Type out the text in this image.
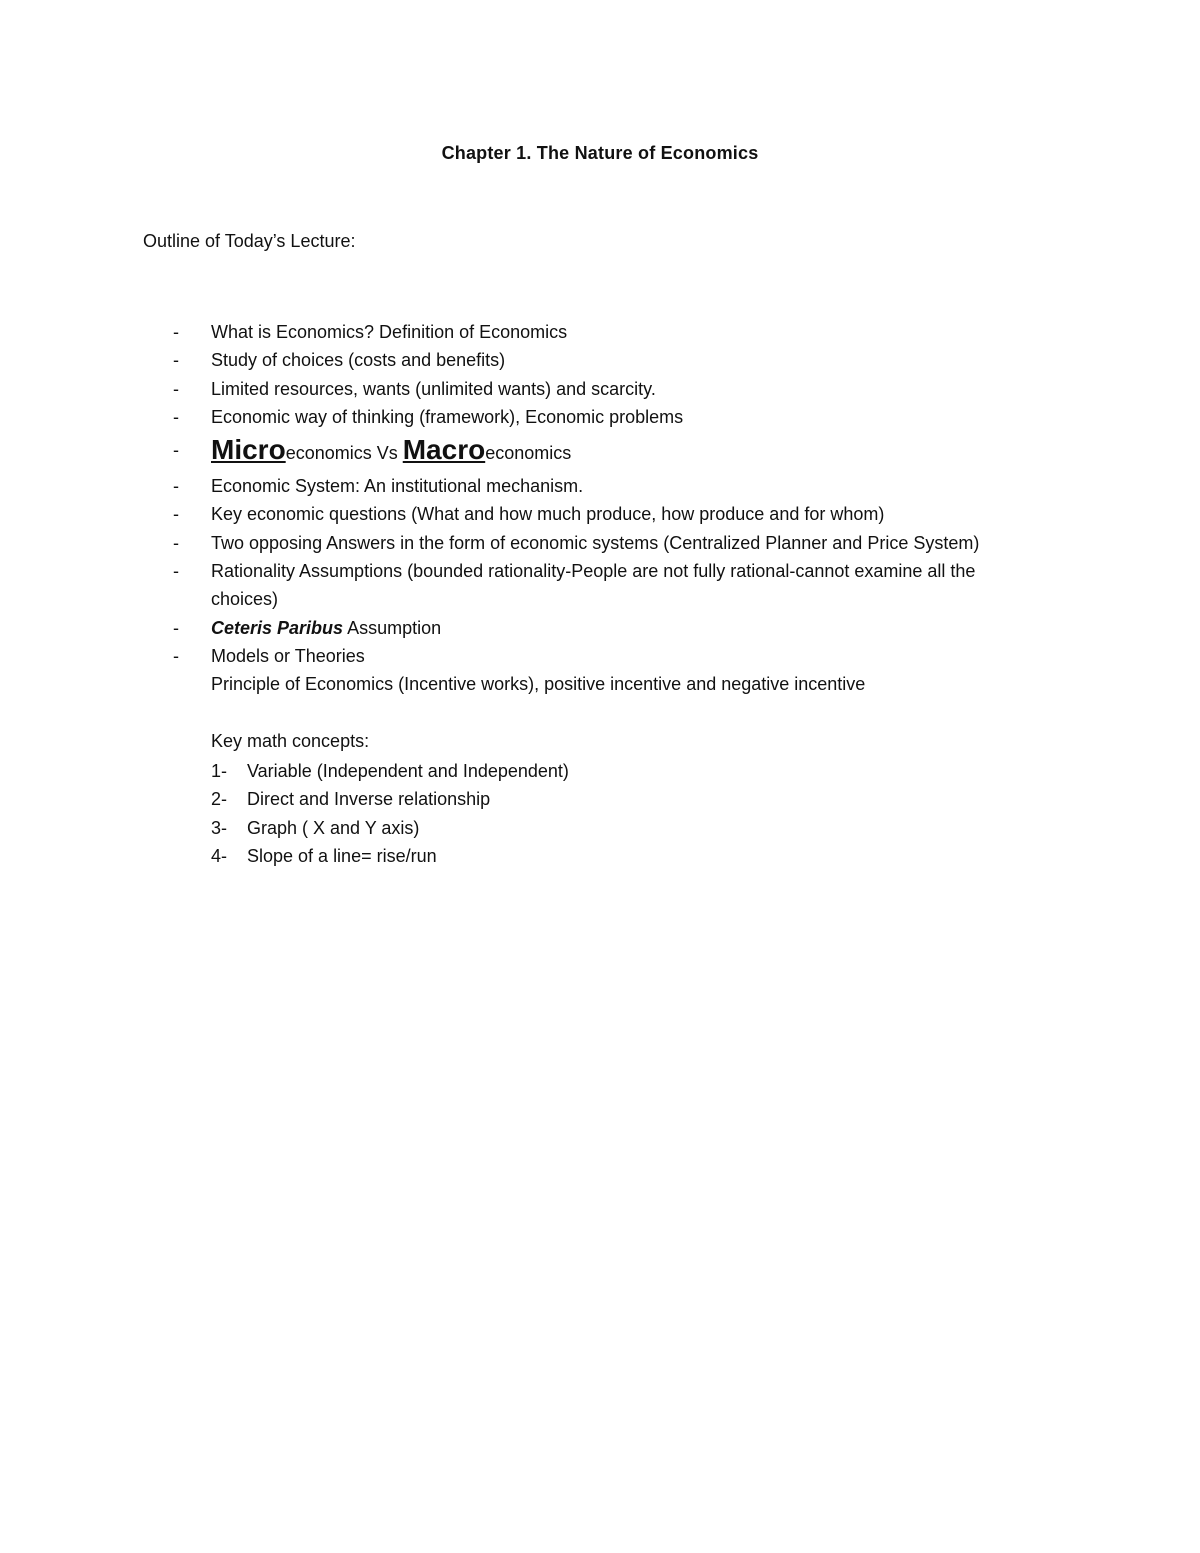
Chapter 1. The Nature of Economics
Outline of Today’s Lecture:
- What is Economics? Definition of Economics
- Study of choices (costs and benefits)
- Limited resources, wants (unlimited wants) and scarcity.
- Economic way of thinking (framework), Economic problems
- Microeconomics Vs Macroeconomics
- Economic System: An institutional mechanism.
- Key economic questions (What and how much produce, how produce and for whom)
- Two opposing Answers in the form of economic systems (Centralized Planner and Price System)
- Rationality Assumptions (bounded rationality-People are not fully rational-cannot examine all the choices)
- Ceteris Paribus Assumption
- Models or Theories
Principle of Economics (Incentive works), positive incentive and negative incentive
Key math concepts:
1- Variable (Independent and Independent)
2- Direct and Inverse relationship
3- Graph ( X and Y axis)
4- Slope of a line= rise/run
